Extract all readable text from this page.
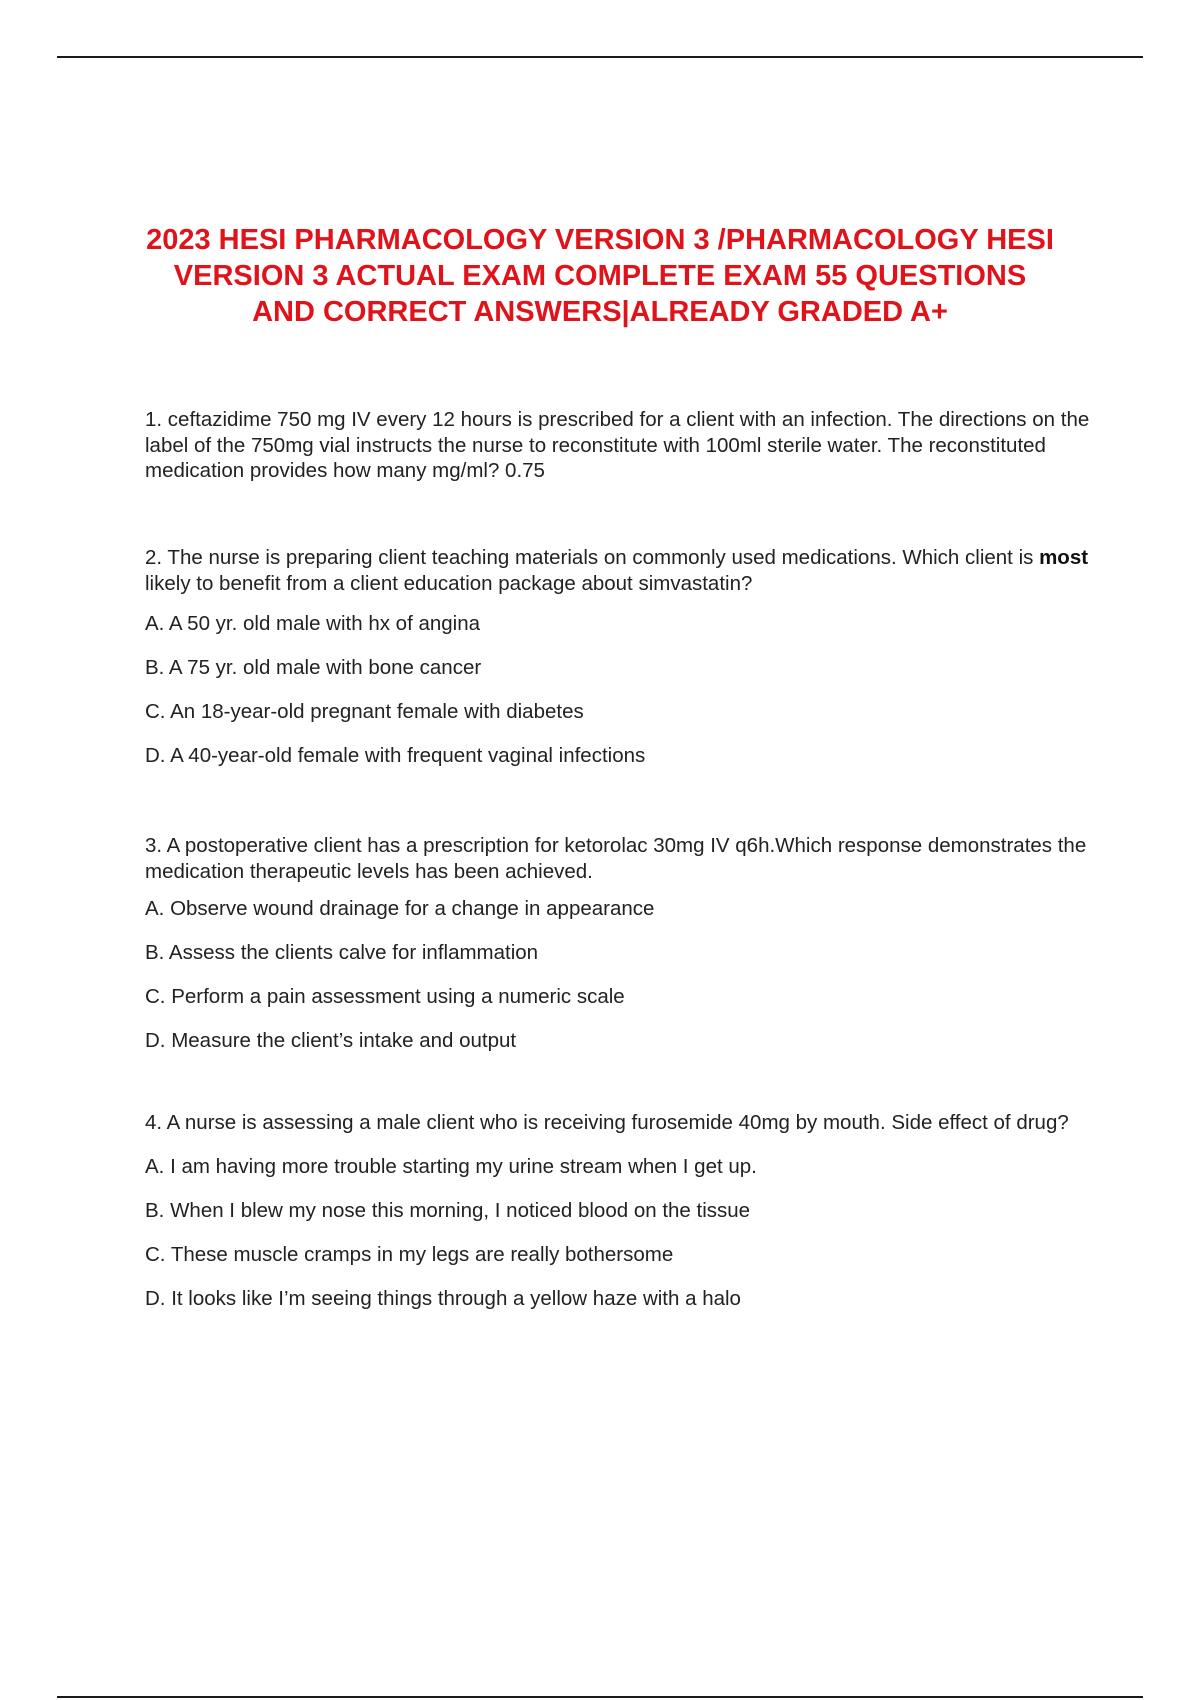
2023 HESI PHARMACOLOGY VERSION 3 /PHARMACOLOGY HESI VERSION 3 ACTUAL EXAM COMPLETE EXAM 55 QUESTIONS AND CORRECT ANSWERS|ALREADY GRADED A+

1. ceftazidime 750 mg IV every 12 hours is prescribed for a client with an infection. The directions on the label of the 750mg vial instructs the nurse to reconstitute with 100ml sterile water. The reconstituted medication provides how many mg/ml? 0.75

2. The nurse is preparing client teaching materials on commonly used medications. Which client is most likely to benefit from a client education package about simvastatin?

A. A 50 yr. old male with hx of angina

B. A 75 yr. old male with bone cancer

C. An 18-year-old pregnant female with diabetes

D. A 40-year-old female with frequent vaginal infections

3. A postoperative client has a prescription for ketorolac 30mg IV q6h.Which response demonstrates the medication therapeutic levels has been achieved.

A. Observe wound drainage for a change in appearance

B. Assess the clients calve for inflammation

C. Perform a pain assessment using a numeric scale

D. Measure the client’s intake and output

4. A nurse is assessing a male client who is receiving furosemide 40mg by mouth. Side effect of drug?

A. I am having more trouble starting my urine stream when I get up.

B. When I blew my nose this morning, I noticed blood on the tissue

C. These muscle cramps in my legs are really bothersome

D. It looks like I’m seeing things through a yellow haze with a halo
